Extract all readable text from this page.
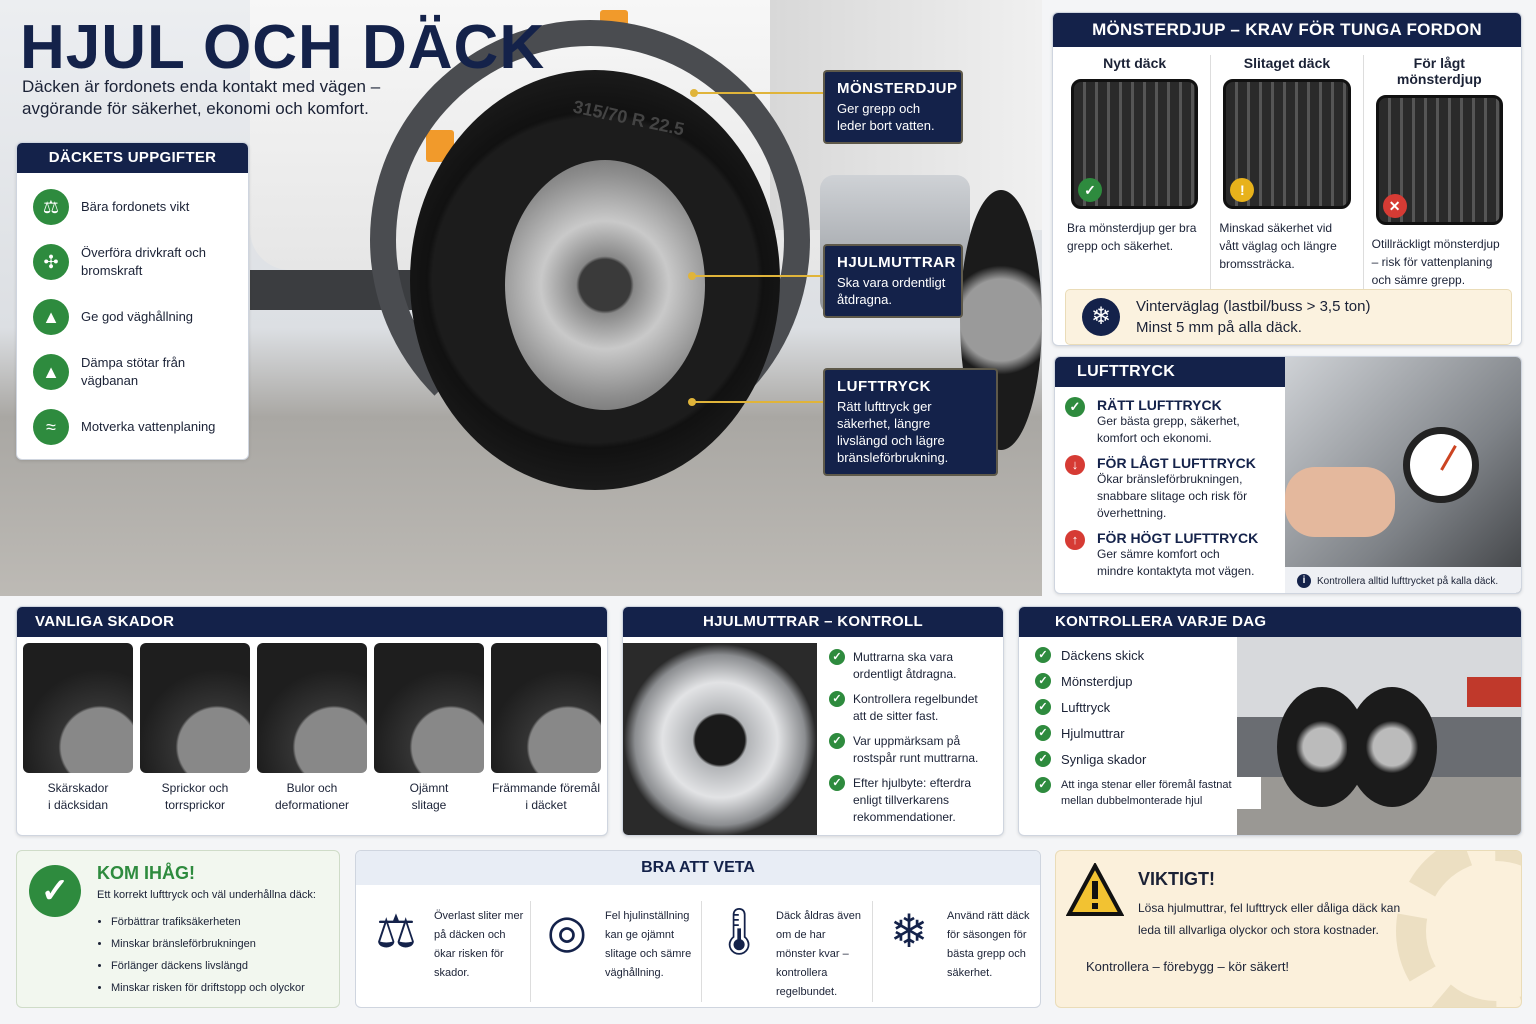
315/70 R 22.5
HJUL OCH DÄCK
Däcken är fordonets enda kontakt med vägen – avgörande för säkerhet, ekonomi och komfort.
MÖNSTERDJUP
Ger grepp och leder bort vatten.
HJULMUTTRAR
Ska vara ordentligt åtdragna.
LUFTTRYCK
Rätt lufttryck ger säkerhet, längre livslängd och lägre bränsleförbrukning.
DÄCKETS UPPGIFTER
⚖	Bära fordonets vikt
✣	Överföra drivkraft och bromskraft
▲	Ge god väghållning
▲	Dämpa stötar från vägbanan
≈	Motverka vattenplaning
MÖNSTERDJUP – KRAV FÖR TUNGA FORDON
Nytt däck
✓
Bra mönsterdjup ger bra grepp och säkerhet.
Slitaget däck
!
Minskad säkerhet vid vått väglag och längre bromssträcka.
För lågt mönsterdjup
✕
Otillräckligt mönsterdjup – risk för vattenplaning och sämre grepp.
❄	Vinterväglag (lastbil/buss > 3,5 ton)
Minst 5 mm på alla däck.
LUFTTRYCK
✓	RÄTT LUFTTRYCK
Ger bästa grepp, säkerhet, komfort och ekonomi.
↓	FÖR LÅGT LUFTTRYCK
Ökar bränsleförbrukningen, snabbare slitage och risk för överhettning.
↑	FÖR HÖGT LUFTTRYCK
Ger sämre komfort och mindre kontaktyta mot vägen.
i	Kontrollera alltid lufttrycket på kalla däck.
VANLIGA SKADOR
Skärskador
i däcksidan
Sprickor och
torrsprickor
Bulor och
deformationer
Ojämnt
slitage
Främmande föremål
i däcket
HJULMUTTRAR – KONTROLL
✓ Muttrarna ska vara ordentligt åtdragna.
✓ Kontrollera regelbundet att de sitter fast.
✓ Var uppmärksam på rostspår runt muttrarna.
✓ Efter hjulbyte: efterdra enligt tillverkarens rekommendationer.
KONTROLLERA VARJE DAG
✓ Däckens skick
✓ Mönsterdjup
✓ Lufttryck
✓ Hjulmuttrar
✓ Synliga skador
✓	Att inga stenar eller föremål fastnat mellan dubbelmonterade hjul
✓	KOM IHÅG!
Ett korrekt lufttryck och väl underhållna däck:
• Förbättrar trafiksäkerheten
• Minskar bränsleförbrukningen
• Förlänger däckens livslängd
• Minskar risken för driftstopp och olyckor
BRA ATT VETA
⚖	Överlast sliter mer på däcken och ökar risken för skador.
◎	Fel hjulinställning kan ge ojämnt slitage och sämre väghållning.
🌡 Däck åldras även om de har mönster kvar – kontrollera regelbundet.
❄	Använd rätt däck för säsongen för bästa grepp och säkerhet.
VIKTIGT!
Lösa hjulmuttrar, fel lufttryck eller dåliga däck kan leda till allvarliga olyckor och stora kostnader.
Kontrollera – förebygg – kör säkert!
